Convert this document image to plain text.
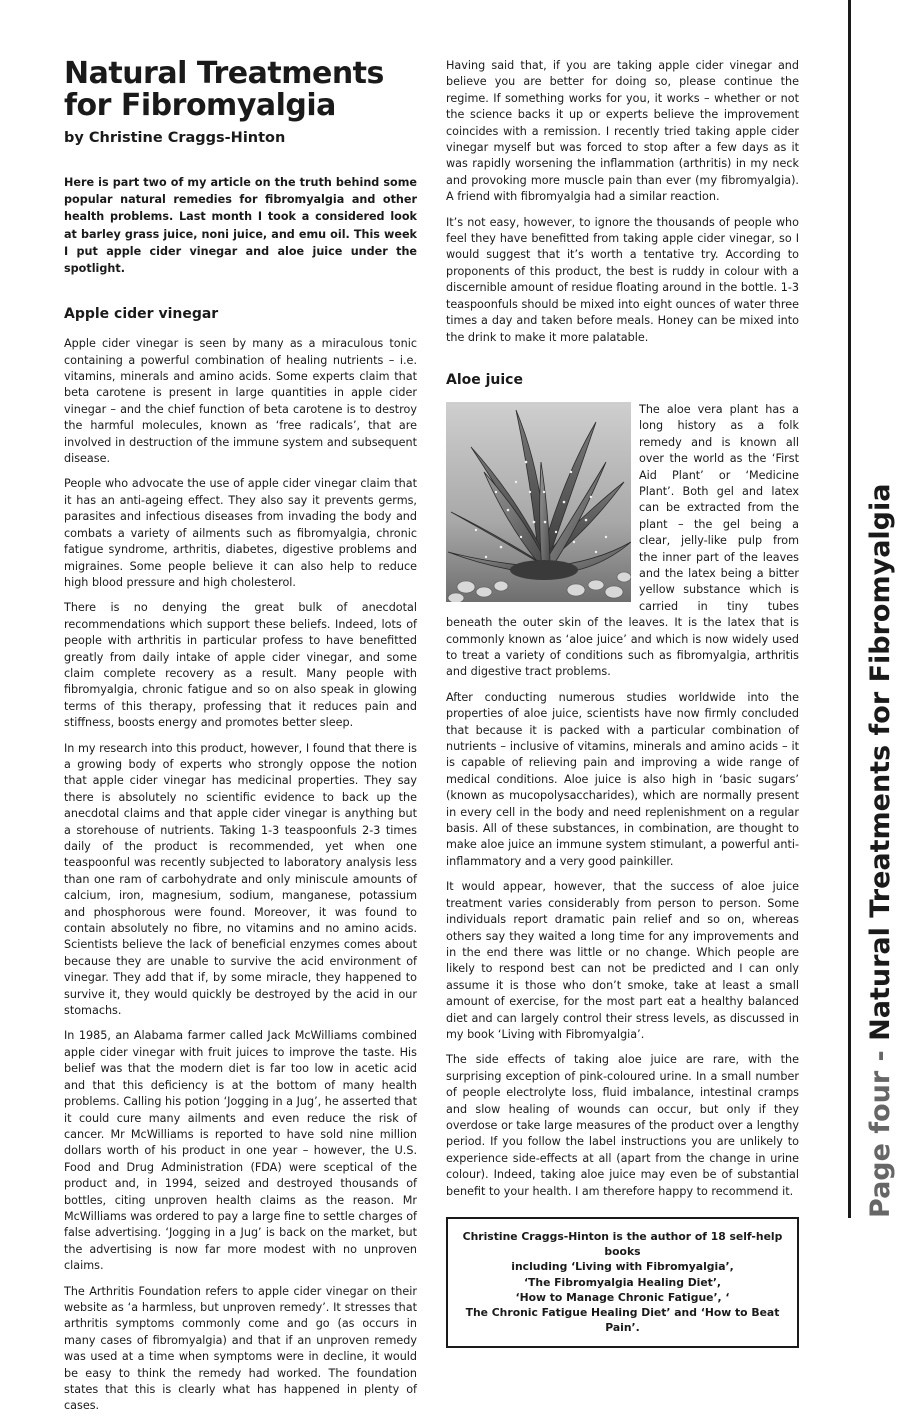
Natural Treatments for Fibromyalgia
by Christine Craggs-Hinton
Here is part two of my article on the truth behind some popular natural remedies for fibromyalgia and other health problems. Last month I took a considered look at barley grass juice, noni juice, and emu oil. This week I put apple cider vinegar and aloe juice under the spotlight.
Apple cider vinegar

Apple cider vinegar is seen by many as a miraculous tonic containing a powerful combination of healing nutrients – i.e. vitamins, minerals and amino acids. Some experts claim that beta carotene is present in large quantities in apple cider vinegar – and the chief function of beta carotene is to destroy the harmful molecules, known as ‘free radicals’, that are involved in destruction of the immune system and subsequent disease.

People who advocate the use of apple cider vinegar claim that it has an anti-ageing effect. They also say it prevents germs, parasites and infectious diseases from invading the body and combats a variety of ailments such as fibromyalgia, chronic fatigue syndrome, arthritis, diabetes, digestive problems and migraines. Some people believe it can also help to reduce high blood pressure and high cholesterol.

There is no denying the great bulk of anecdotal recommendations which support these beliefs. Indeed, lots of people with arthritis in particular profess to have benefitted greatly from daily intake of apple cider vinegar, and some claim complete recovery as a result. Many people with fibromyalgia, chronic fatigue and so on also speak in glowing terms of this therapy, professing that it reduces pain and stiffness, boosts energy and promotes better sleep.

In my research into this product, however, I found that there is a growing body of experts who strongly oppose the notion that apple cider vinegar has medicinal properties. They say there is absolutely no scientific evidence to back up the anecdotal claims and that apple cider vinegar is anything but a storehouse of nutrients. Taking 1-3 teaspoonfuls 2-3 times daily of the product is recommended, yet when one teaspoonful was recently subjected to laboratory analysis less than one ram of carbohydrate and only miniscule amounts of calcium, iron, magnesium, sodium, manganese, potassium and phosphorous were found. Moreover, it was found to contain absolutely no fibre, no vitamins and no amino acids. Scientists believe the lack of beneficial enzymes comes about because they are unable to survive the acid environment of vinegar. They add that if, by some miracle, they happened to survive it, they would quickly be destroyed by the acid in our stomachs.

In 1985, an Alabama farmer called Jack McWilliams combined apple cider vinegar with fruit juices to improve the taste. His belief was that the modern diet is far too low in acetic acid and that this deficiency is at the bottom of many health problems. Calling his potion ‘Jogging in a Jug’, he asserted that it could cure many ailments and even reduce the risk of cancer. Mr McWilliams is reported to have sold nine million dollars worth of his product in one year – however, the U.S. Food and Drug Administration (FDA) were sceptical of the product and, in 1994, seized and destroyed thousands of bottles, citing unproven health claims as the reason. Mr McWilliams was ordered to pay a large fine to settle charges of false advertising. ‘Jogging in a Jug’ is back on the market, but the advertising is now far more modest with no unproven claims.

The Arthritis Foundation refers to apple cider vinegar on their website as ‘a harmless, but unproven remedy’. It stresses that arthritis symptoms commonly come and go (as occurs in many cases of fibromyalgia) and that if an unproven remedy was used at a time when symptoms were in decline, it would be easy to think the remedy had worked. The foundation states that this is clearly what has happened in plenty of cases.

Having said that, if you are taking apple cider vinegar and believe you are better for doing so, please continue the regime. If something works for you, it works – whether or not the science backs it up or experts believe the improvement coincides with a remission. I recently tried taking apple cider vinegar myself but was forced to stop after a few days as it was rapidly worsening the inflammation (arthritis) in my neck and provoking more muscle pain than ever (my fibromyalgia). A friend with fibromyalgia had a similar reaction.

It’s not easy, however, to ignore the thousands of people who feel they have benefitted from taking apple cider vinegar, so I would suggest that it’s worth a tentative try. According to proponents of this product, the best is ruddy in colour with a discernible amount of residue floating around in the bottle. 1-3 teaspoonfuls should be mixed into eight ounces of water three times a day and taken before meals. Honey can be mixed into the drink to make it more palatable.

Aloe juice

The aloe vera plant has a long history as a folk remedy and is known all over the world as the ‘First Aid Plant’ or ‘Medicine Plant’. Both gel and latex can be extracted from the plant – the gel being a clear, jelly-like pulp from the inner part of the leaves and the latex being a bitter yellow substance which is carried in tiny tubes beneath the outer skin of the leaves. It is the latex that is commonly known as ‘aloe juice’ and which is now widely used to treat a variety of conditions such as fibromyalgia, arthritis and digestive tract problems.

After conducting numerous studies worldwide into the properties of aloe juice, scientists have now firmly concluded that because it is packed with a particular combination of nutrients – inclusive of vitamins, minerals and amino acids – it is capable of relieving pain and improving a wide range of medical conditions. Aloe juice is also high in ‘basic sugars’ (known as mucopolysaccharides), which are normally present in every cell in the body and need replenishment on a regular basis. All of these substances, in combination, are thought to make aloe juice an immune system stimulant, a powerful anti-inflammatory and a very good painkiller.

It would appear, however, that the success of aloe juice treatment varies considerably from person to person. Some individuals report dramatic pain relief and so on, whereas others say they waited a long time for any improvements and in the end there was little or no change. Which people are likely to respond best can not be predicted and I can only assume it is those who don’t smoke, take at least a small amount of exercise, for the most part eat a healthy balanced diet and can largely control their stress levels, as discussed in my book ‘Living with Fibromyalgia’.

The side effects of taking aloe juice are rare, with the surprising exception of pink-coloured urine. In a small number of people electrolyte loss, fluid imbalance, intestinal cramps and slow healing of wounds can occur, but only if they overdose or take large measures of the product over a lengthy period. If you follow the label instructions you are unlikely to experience side-effects at all (apart from the change in urine colour). Indeed, taking aloe juice may even be of substantial benefit to your health. I am therefore happy to recommend it.

Christine Craggs-Hinton is the author of 18 self-help books
including ‘Living with Fibromyalgia’,
‘The Fibromyalgia Healing Diet’,
‘How to Manage Chronic Fatigue’, ‘
The Chronic Fatigue Healing Diet’ and ‘How to Beat Pain’.
Page four - Natural Treatments for Fibromyalgia
